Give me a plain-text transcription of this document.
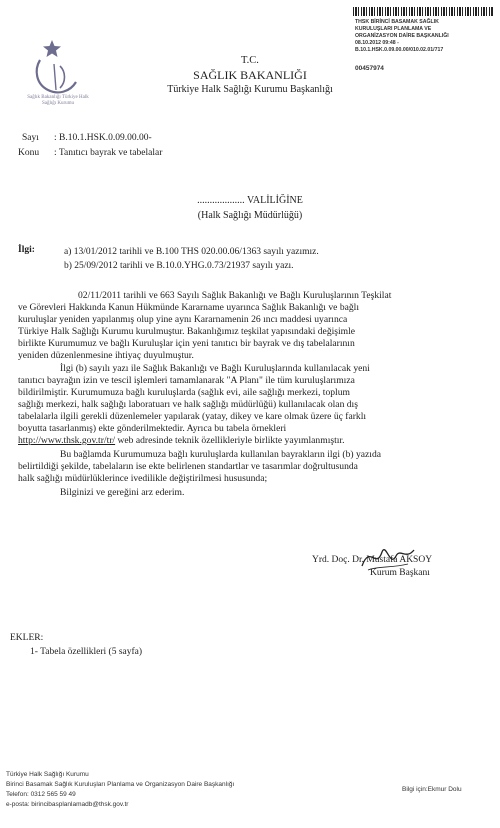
Sağlık Bakanlığı Türkiye Halk Sağlığı Kurumu
THSK BİRİNCİ BASAMAK SAĞLIK
KURULUŞLARI PLANLAMA VE
ORGANİZASYON DAİRE BAŞKANLIĞI
08.10.2012 09:48 -
B.10.1.HSK.0.09.00.00/010.02.01/717
00457974
T.C.
SAĞLIK BAKANLIĞI
Türkiye Halk Sağlığı Kurumu Başkanlığı
Sayı : B.10.1.HSK.0.09.00.00-
Konu : Tanıtıcı bayrak ve tabelalar
................... VALİLİĞİNE
(Halk Sağlığı Müdürlüğü)
İlgi:	a) 13/01/2012 tarihli ve B.100 THS 020.00.06/1363 sayılı yazımız.
b) 25/09/2012 tarihli ve B.10.0.YHG.0.73/21937 sayılı yazı.
02/11/2011 tarihli ve 663 Sayılı Sağlık Bakanlığı ve Bağlı Kuruluşlarının Teşkilat
ve Görevleri Hakkında Kanun Hükmünde Kararname uyarınca Sağlık Bakanlığı ve bağlı
kuruluşlar yeniden yapılanmış olup yine aynı Kararnamenin 26 ıncı maddesi uyarınca
Türkiye Halk Sağlığı Kurumu kurulmuştur. Bakanlığımız teşkilat yapısındaki değişimle
birlikte Kurumumuz ve bağlı Kuruluşlar için yeni tanıtıcı bir bayrak ve dış tabelalarının
yeniden düzenlenmesine ihtiyaç duyulmuştur.
İlgi (b) sayılı yazı ile Sağlık Bakanlığı ve Bağlı Kuruluşlarında kullanılacak yeni
tanıtıcı bayrağın izin ve tescil işlemleri tamamlanarak "A Planı" ile tüm kuruluşlarımıza
bildirilmiştir. Kurumumuza bağlı kuruluşlarda (sağlık evi, aile sağlığı merkezi, toplum
sağlığı merkezi, halk sağlığı laboratuarı ve halk sağlığı müdürlüğü) kullanılacak olan dış
tabelalarla ilgili gerekli düzenlemeler yapılarak (yatay, dikey ve kare olmak üzere üç farklı
boyutta tasarlanmış) ekte gönderilmektedir. Ayrıca bu tabela örnekleri
http://www.thsk.gov.tr/tr/ web adresinde teknik özellikleriyle birlikte yayımlanmıştır.
Bu bağlamda Kurumumuza bağlı kuruluşlarda kullanılan bayrakların ilgi (b) yazıda
belirtildiği şekilde, tabelaların ise ekte belirlenen standartlar ve tasarımlar doğrultusunda
halk sağlığı müdürlüklerince ivedilikle değiştirilmesi hususunda;
Bilginizi ve gereğini arz ederim.
Yrd. Doç. Dr. Mustafa AKSOY
Kurum Başkanı
EKLER:
1- Tabela özellikleri (5 sayfa)
Türkiye Halk Sağlığı Kurumu
Birinci Basamak Sağlık Kuruluşları Planlama ve Organizasyon Daire Başkanlığı
Telefon: 0312 565 59 49
e-posta: birincibasplanlamadb@thsk.gov.tr
Bilgi için:Ekmur Dolu
